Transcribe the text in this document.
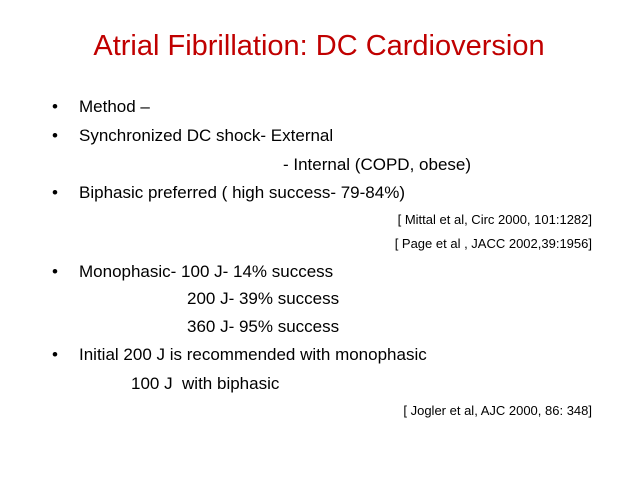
Atrial Fibrillation: DC Cardioversion
• Method –
• Synchronized DC shock- External
- Internal (COPD, obese)
• Biphasic preferred ( high success- 79-84%)
[ Mittal et al, Circ 2000, 101:1282]
[ Page et al , JACC 2002,39:1956]
• Monophasic- 100 J- 14% success
200 J- 39% success
360 J- 95% success
• Initial 200 J is recommended with monophasic
100 J  with biphasic
[ Jogler et al, AJC 2000, 86: 348]
